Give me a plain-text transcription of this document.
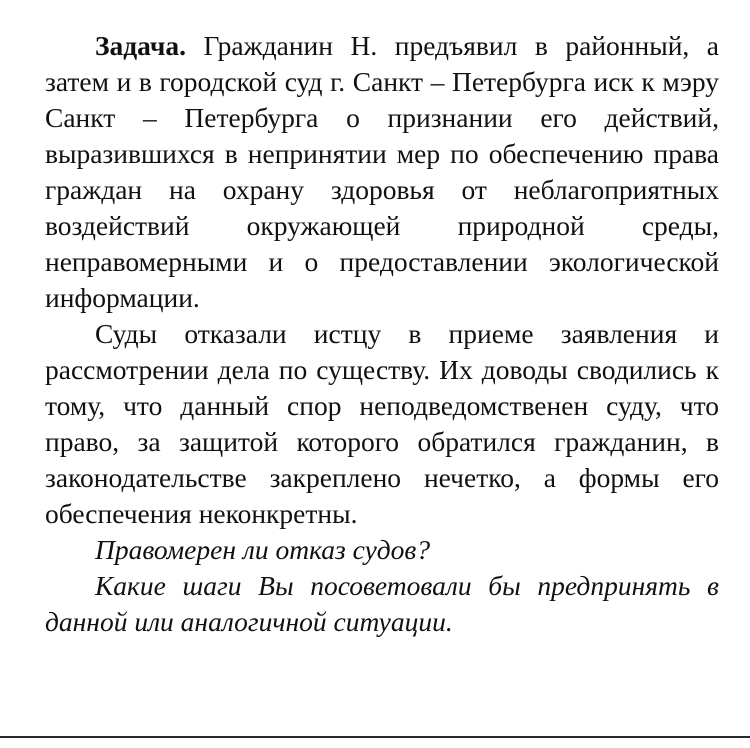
Задача. Гражданин Н. предъявил в районный, а затем и в городской суд г. Санкт – Петербурга иск к мэру Санкт – Петербурга о признании его действий, выразившихся в непринятии мер по обеспечению права граждан на охрану здоровья от неблагоприятных воздействий окружающей природной среды, неправомерными и о предоставлении экологической информации.

Суды отказали истцу в приеме заявления и рассмотрении дела по существу. Их доводы сводились к тому, что данный спор неподведомственен суду, что право, за защитой которого обратился гражданин, в законодательстве закреплено нечетко, а формы его обеспечения неконкретны.

Правомерен ли отказ судов?

Какие шаги Вы посоветовали бы предпринять в данной или аналогичной ситуации.
